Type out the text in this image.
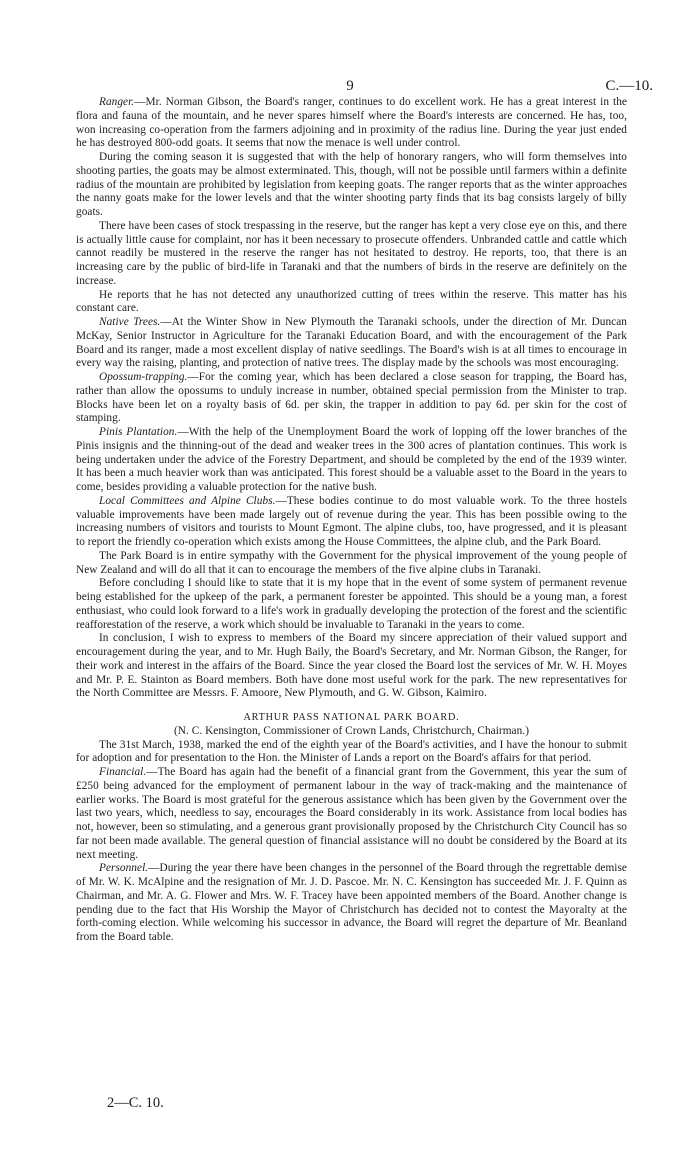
9	C.—10.

Ranger.—Mr. Norman Gibson, the Board's ranger, continues to do excellent work. He has a great interest in the flora and fauna of the mountain, and he never spares himself where the Board's interests are concerned. He has, too, won increasing co-operation from the farmers adjoining and in proximity of the radius line. During the year just ended he has destroyed 800-odd goats. It seems that now the menace is well under control.

During the coming season it is suggested that with the help of honorary rangers, who will form themselves into shooting parties, the goats may be almost exterminated. This, though, will not be possible until farmers within a definite radius of the mountain are prohibited by legislation from keeping goats. The ranger reports that as the winter approaches the nanny goats make for the lower levels and that the winter shooting party finds that its bag consists largely of billy goats.

There have been cases of stock trespassing in the reserve, but the ranger has kept a very close eye on this, and there is actually little cause for complaint, nor has it been necessary to prosecute offenders. Unbranded cattle and cattle which cannot readily be mustered in the reserve the ranger has not hesitated to destroy. He reports, too, that there is an increasing care by the public of bird-life in Taranaki and that the numbers of birds in the reserve are definitely on the increase.

He reports that he has not detected any unauthorized cutting of trees within the reserve. This matter has his constant care.

Native Trees.—At the Winter Show in New Plymouth the Taranaki schools, under the direction of Mr. Duncan McKay, Senior Instructor in Agriculture for the Taranaki Education Board, and with the encouragement of the Park Board and its ranger, made a most excellent display of native seedlings. The Board's wish is at all times to encourage in every way the raising, planting, and protection of native trees. The display made by the schools was most encouraging.

Opossum-trapping.—For the coming year, which has been declared a close season for trapping, the Board has, rather than allow the opossums to unduly increase in number, obtained special permission from the Minister to trap. Blocks have been let on a royalty basis of 6d. per skin, the trapper in addition to pay 6d. per skin for the cost of stamping.

Pinis Plantation.—With the help of the Unemployment Board the work of lopping off the lower branches of the Pinis insignis and the thinning-out of the dead and weaker trees in the 300 acres of plantation continues. This work is being undertaken under the advice of the Forestry Department, and should be completed by the end of the 1939 winter. It has been a much heavier work than was anticipated. This forest should be a valuable asset to the Board in the years to come, besides providing a valuable protection for the native bush.

Local Committees and Alpine Clubs.—These bodies continue to do most valuable work. To the three hostels valuable improvements have been made largely out of revenue during the year. This has been possible owing to the increasing numbers of visitors and tourists to Mount Egmont. The alpine clubs, too, have progressed, and it is pleasant to report the friendly co-operation which exists among the House Committees, the alpine club, and the Park Board.

The Park Board is in entire sympathy with the Government for the physical improvement of the young people of New Zealand and will do all that it can to encourage the members of the five alpine clubs in Taranaki.

Before concluding I should like to state that it is my hope that in the event of some system of permanent revenue being established for the upkeep of the park, a permanent forester be appointed. This should be a young man, a forest enthusiast, who could look forward to a life's work in gradually developing the protection of the forest and the scientific reafforestation of the reserve, a work which should be invaluable to Taranaki in the years to come.

In conclusion, I wish to express to members of the Board my sincere appreciation of their valued support and encouragement during the year, and to Mr. Hugh Baily, the Board's Secretary, and Mr. Norman Gibson, the Ranger, for their work and interest in the affairs of the Board. Since the year closed the Board lost the services of Mr. W. H. Moyes and Mr. P. E. Stainton as Board members. Both have done most useful work for the park. The new representatives for the North Committee are Messrs. F. Amoore, New Plymouth, and G. W. Gibson, Kaimiro.

ARTHUR PASS NATIONAL PARK BOARD.

(N. C. Kensington, Commissioner of Crown Lands, Christchurch, Chairman.)

The 31st March, 1938, marked the end of the eighth year of the Board's activities, and I have the honour to submit for adoption and for presentation to the Hon. the Minister of Lands a report on the Board's affairs for that period.

Financial.—The Board has again had the benefit of a financial grant from the Government, this year the sum of £250 being advanced for the employment of permanent labour in the way of track-making and the maintenance of earlier works. The Board is most grateful for the generous assistance which has been given by the Government over the last two years, which, needless to say, encourages the Board considerably in its work. Assistance from local bodies has not, however, been so stimulating, and a generous grant provisionally proposed by the Christchurch City Council has so far not been made available. The general question of financial assistance will no doubt be considered by the Board at its next meeting.

Personnel.—During the year there have been changes in the personnel of the Board through the regrettable demise of Mr. W. K. McAlpine and the resignation of Mr. J. D. Pascoe. Mr. N. C. Kensington has succeeded Mr. J. F. Quinn as Chairman, and Mr. A. G. Flower and Mrs. W. F. Tracey have been appointed members of the Board. Another change is pending due to the fact that His Worship the Mayor of Christchurch has decided not to contest the Mayoralty at the forth-coming election. While welcoming his successor in advance, the Board will regret the departure of Mr. Beanland from the Board table.

2—C. 10.
